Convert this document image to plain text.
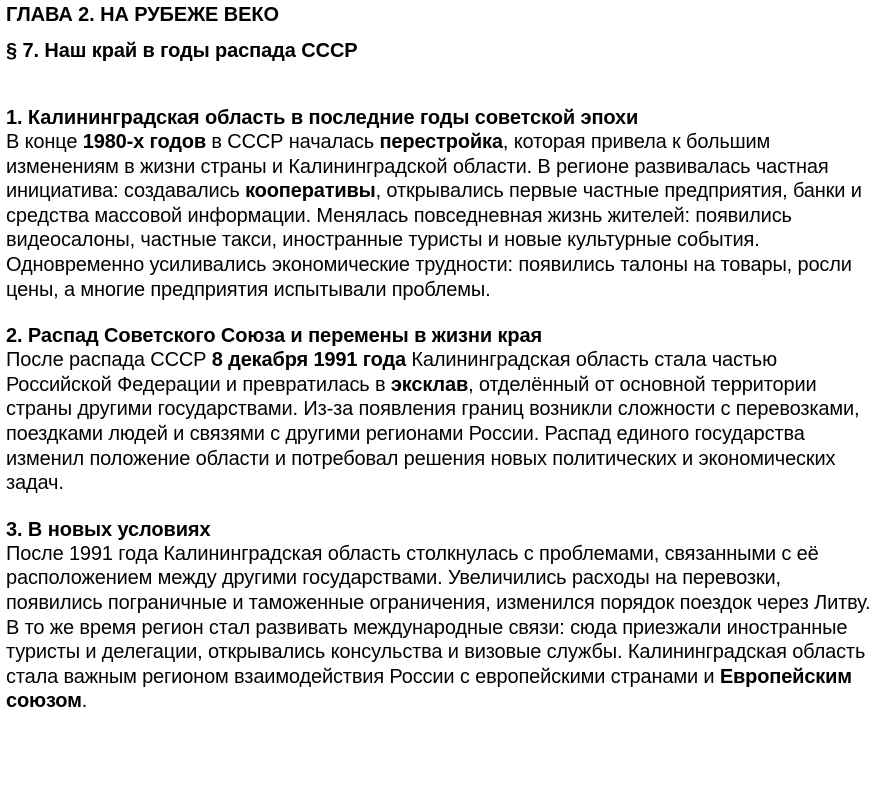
ГЛАВА 2. НА РУБЕЖЕ ВЕКО
§ 7. Наш край в годы распада СССР
1. Калининградская область в последние годы советской эпохи

В конце 1980-х годов в СССР началась перестройка, которая привела к большим изменениям в жизни страны и Калининградской области. В регионе развивалась частная инициатива: создавались кооперативы, открывались первые частные предприятия, банки и средства массовой информации. Менялась повседневная жизнь жителей: появились видеосалоны, частные такси, иностранные туристы и новые культурные события. Одновременно усиливались экономические трудности: появились талоны на товары, росли цены, а многие предприятия испытывали проблемы.

2. Распад Советского Союза и перемены в жизни края

После распада СССР 8 декабря 1991 года Калининградская область стала частью Российской Федерации и превратилась в эксклав, отделённый от основной территории страны другими государствами. Из-за появления границ возникли сложности с перевозками, поездками людей и связями с другими регионами России. Распад единого государства изменил положение области и потребовал решения новых политических и экономических задач.

3. В новых условиях

После 1991 года Калининградская область столкнулась с проблемами, связанными с её расположением между другими государствами. Увеличились расходы на перевозки, появились пограничные и таможенные ограничения, изменился порядок поездок через Литву. В то же время регион стал развивать международные связи: сюда приезжали иностранные туристы и делегации, открывались консульства и визовые службы. Калининградская область стала важным регионом взаимодействия России с европейскими странами и Европейским союзом.
